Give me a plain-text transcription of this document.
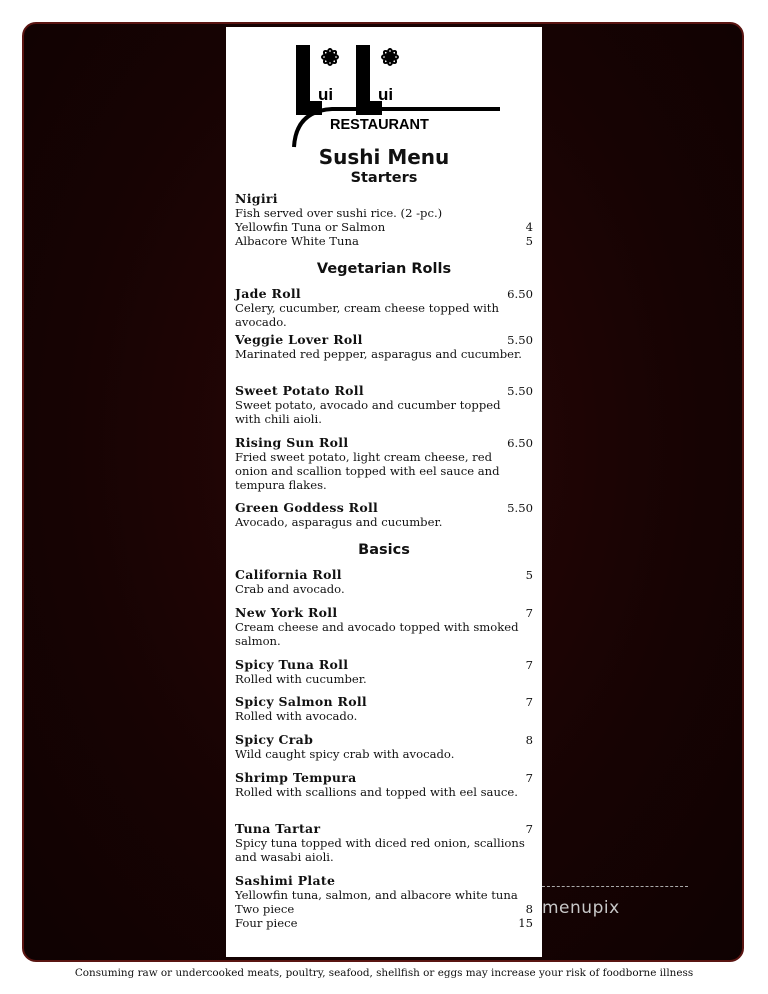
ui	ui
RESTAURANT
Sushi Menu
Starters
Nigiri
Fish served over sushi rice. (2 -pc.)
Yellowfin Tuna or Salmon	4
Albacore White Tuna	5
Vegetarian Rolls
Jade Roll	6.50
Celery, cucumber, cream cheese topped with avocado.
Veggie Lover Roll	5.50
Marinated red pepper, asparagus and cucumber.
Sweet Potato Roll	5.50
Sweet potato, avocado and cucumber topped with chili aioli.
Rising Sun Roll	6.50
Fried sweet potato, light cream cheese, red onion and scallion topped with eel sauce and tempura flakes.
Green Goddess Roll	5.50
Avocado, asparagus and cucumber.
Basics
California Roll	5
Crab and avocado.
New York Roll	7
Cream cheese and avocado topped with smoked salmon.
Spicy Tuna Roll	7
Rolled with cucumber.
Spicy Salmon Roll	7
Rolled with avocado.
Spicy Crab	8
Wild caught spicy crab with avocado.
Shrimp Tempura	7
Rolled with scallions and topped with eel sauce.
Tuna Tartar	7
Spicy tuna topped with diced red onion, scallions and wasabi aioli.
Sashimi Plate
Yellowfin tuna, salmon, and albacore white tuna
Two piece	8
Four piece	15
menupix
Consuming raw or undercooked meats, poultry, seafood, shellfish or eggs may increase your risk of foodborne illness
